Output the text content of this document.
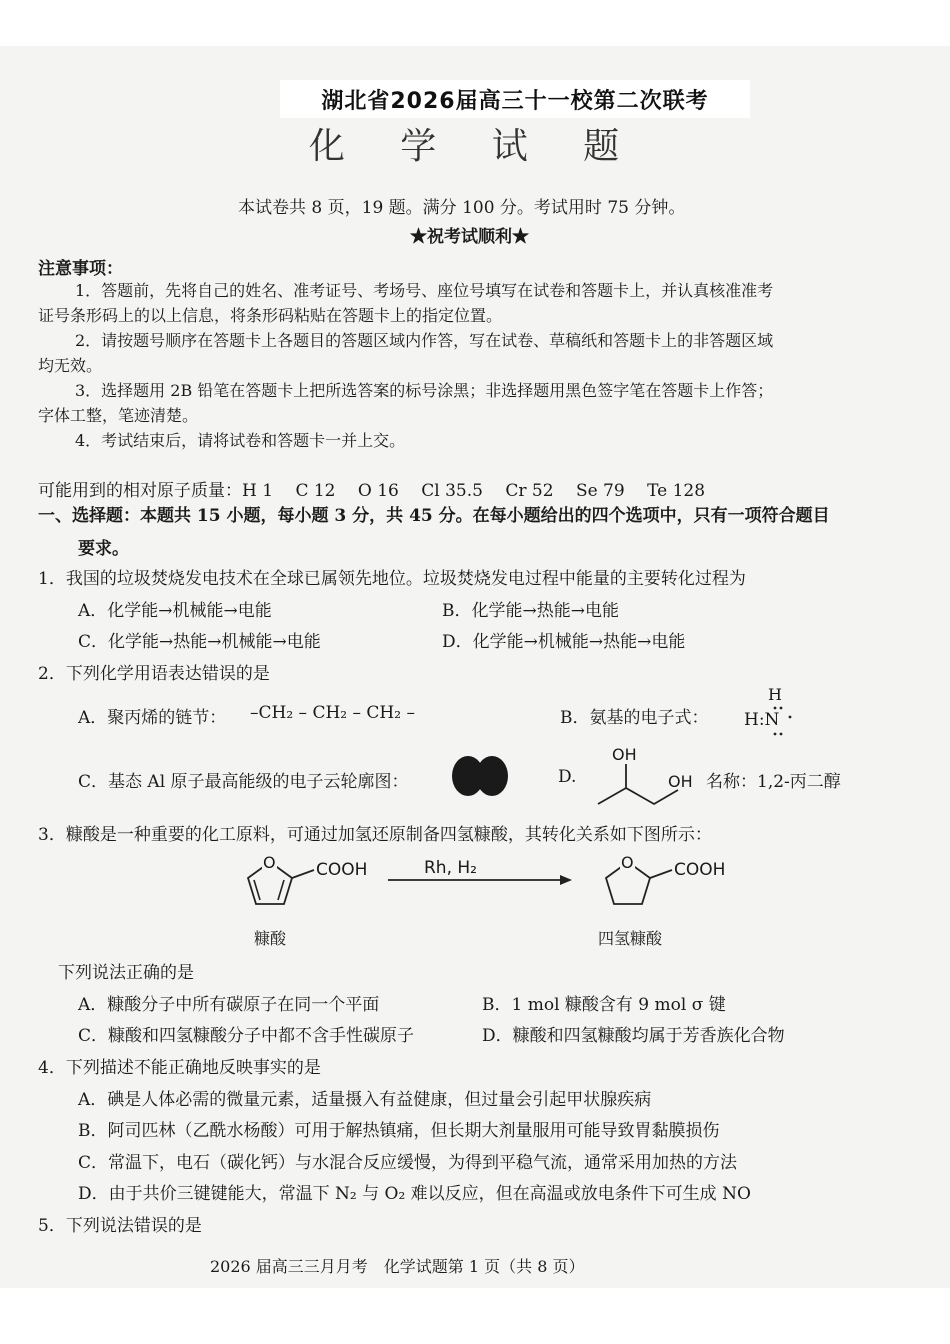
湖北省2026届高三十一校第二次联考
化 学 试 题
本试卷共 8 页，19 题。满分 100 分。考试用时 75 分钟。
★祝考试顺利★
注意事项：
1．答题前，先将自己的姓名、准考证号、考场号、座位号填写在试卷和答题卡上，并认真核准准考
证号条形码上的以上信息，将条形码粘贴在答题卡上的指定位置。
2．请按题号顺序在答题卡上各题目的答题区域内作答，写在试卷、草稿纸和答题卡上的非答题区域
均无效。
3．选择题用 2B 铅笔在答题卡上把所选答案的标号涂黑；非选择题用黑色签字笔在答题卡上作答；
字体工整，笔迹清楚。
4．考试结束后，请将试卷和答题卡一并上交。
可能用到的相对原子质量：H 1　 C 12　 O 16　 Cl 35.5　 Cr 52　 Se 79　 Te 128
一、选择题：本题共 15 小题，每小题 3 分，共 45 分。在每小题给出的四个选项中，只有一项符合题目
要求。
1．我国的垃圾焚烧发电技术在全球已属领先地位。垃圾焚烧发电过程中能量的主要转化过程为
A．化学能→机械能→电能	B．化学能→热能→电能
C．化学能→热能→机械能→电能	D．化学能→机械能→热能→电能
2．下列化学用语表达错误的是
A．聚丙烯的链节： –CH₂ – CH₂ – CH₂ –	B．氨基的电子式：
H
H:N
C．基态 Al 原子最高能级的电子云轮廓图：	D.
OH
OH 名称：1,2-丙二醇
3．糠酸是一种重要的化工原料，可通过加氢还原制备四氢糠酸，其转化关系如下图所示：
O COOH	Rh, H₂	O COOH
糠酸	四氢糠酸
下列说法正确的是
A．糠酸分子中所有碳原子在同一个平面	B．1 mol 糠酸含有 9 mol σ 键
C．糠酸和四氢糠酸分子中都不含手性碳原子	D．糠酸和四氢糠酸均属于芳香族化合物
4．下列描述不能正确地反映事实的是
A．碘是人体必需的微量元素，适量摄入有益健康，但过量会引起甲状腺疾病
B．阿司匹林（乙酰水杨酸）可用于解热镇痛，但长期大剂量服用可能导致胃黏膜损伤
C．常温下，电石（碳化钙）与水混合反应缓慢，为得到平稳气流，通常采用加热的方法
D．由于共价三键键能大，常温下 N₂ 与 O₂ 难以反应，但在高温或放电条件下可生成 NO
5．下列说法错误的是
2026 届高三三月月考　化学试题第 1 页（共 8 页）
